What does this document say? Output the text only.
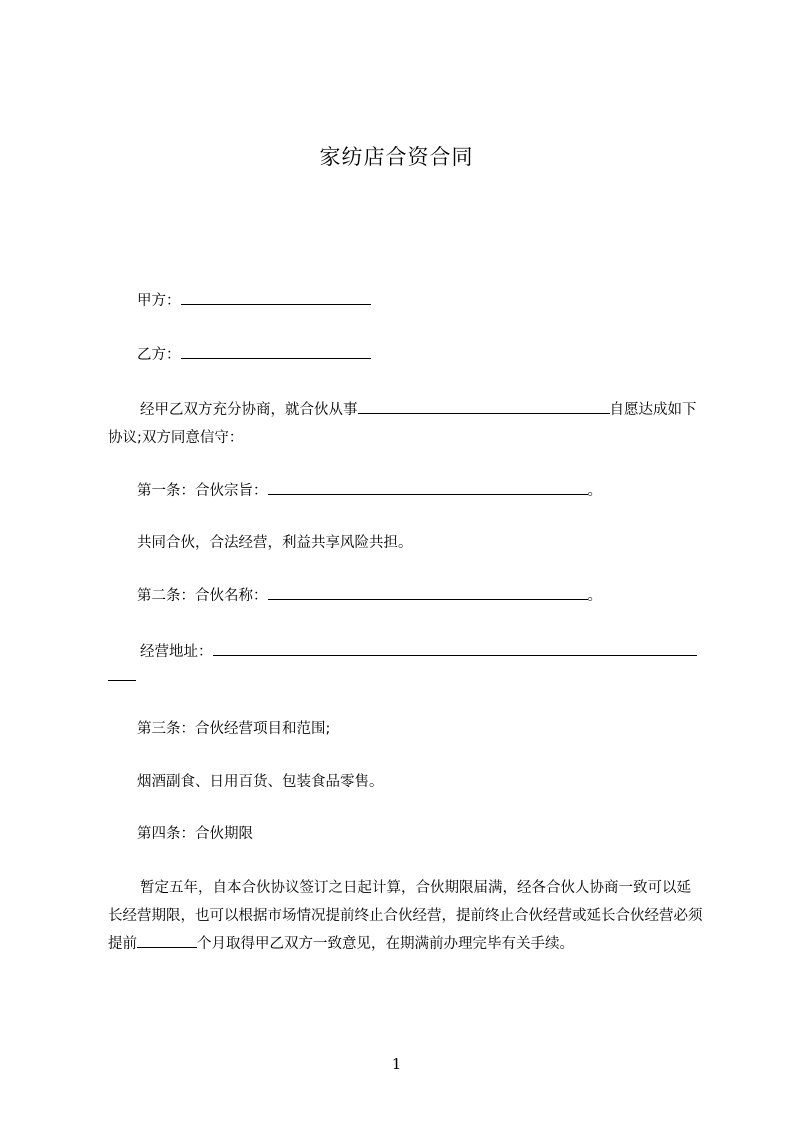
家纺店合资合同
甲方：
乙方：
经甲乙双方充分协商，就合伙从事	自愿达成如下协议;双方同意信守：
第一条：合伙宗旨：	。
共同合伙，合法经营，利益共享风险共担。
第二条：合伙名称：	。
经营地址：
第三条：合伙经营项目和范围;
烟酒副食、日用百货、包装食品零售。
第四条：合伙期限
暂定五年，自本合伙协议签订之日起计算，合伙期限届满，经各合伙人协商一致可以延长经营期限，也可以根据市场情况提前终止合伙经营，提前终止合伙经营或延长合伙经营必须提前	个月取得甲乙双方一致意见，在期满前办理完毕有关手续。
1
